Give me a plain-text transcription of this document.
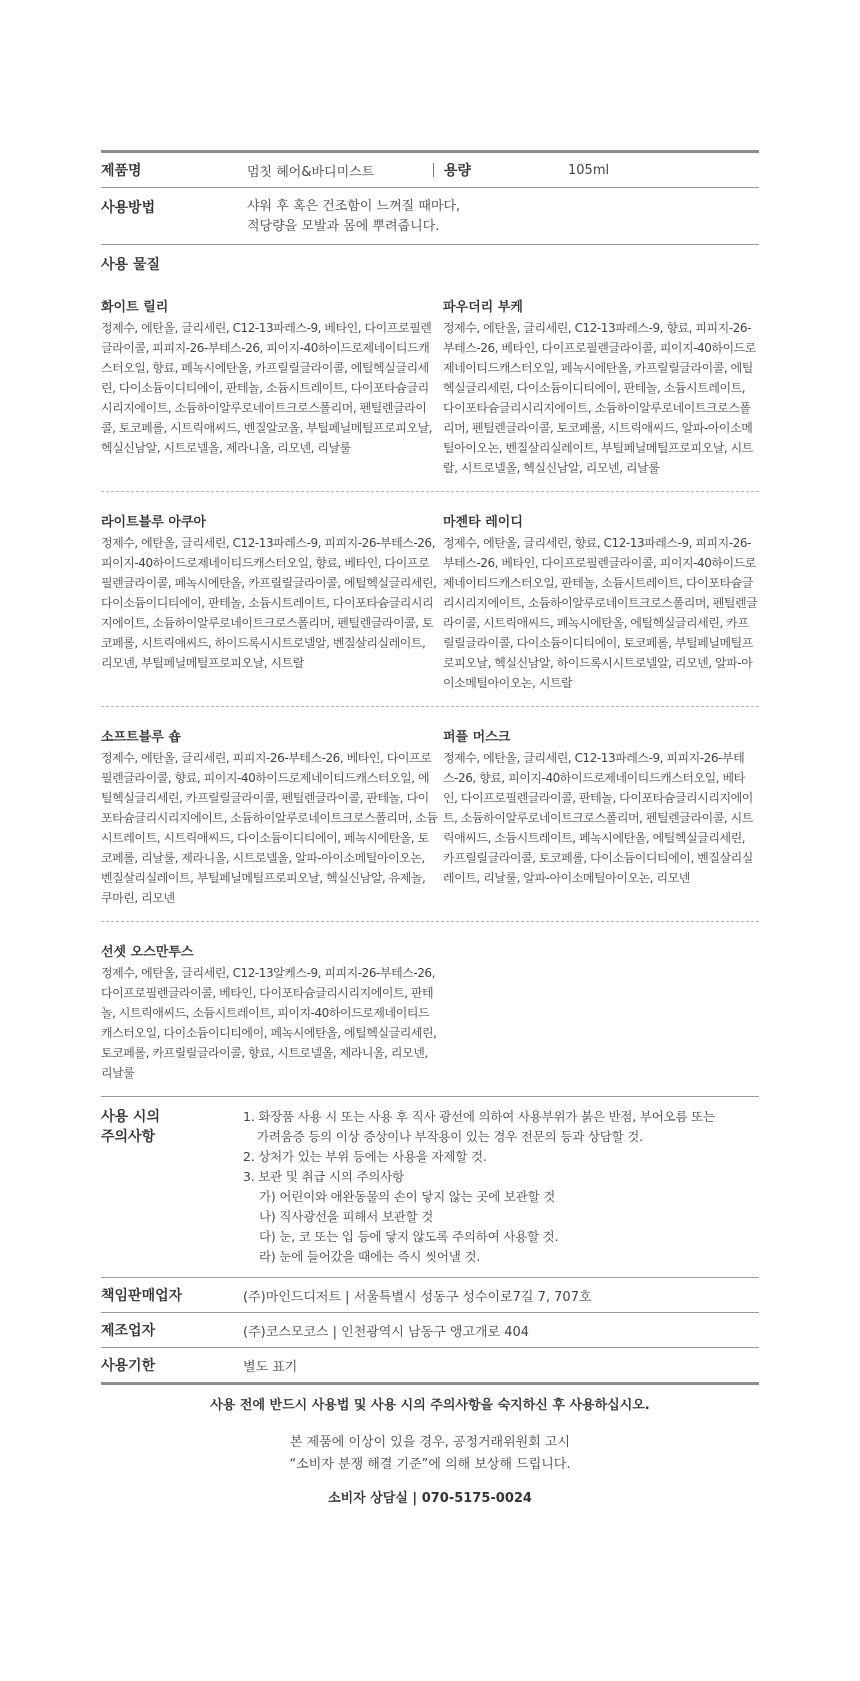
제품명	멈칫 헤어&바디미스트	용량	105ml
사용방법	샤워 후 혹은 건조함이 느껴질 때마다,
적당량을 모발과 몸에 뿌려줍니다.
사용 물질
화이트 릴리
정제수, 에탄올, 글리세린, C12-13파레스-9, 베타인, 다이프로필렌글라이콜, 피피지-26-부테스-26, 피이지-40하이드로제네이티드캐스터오일, 향료, 페녹시에탄올, 카프릴릴글라이콜, 에틸헥실글리세린, 다이소듐이디티에이, 판테놀, 소듐시트레이트, 다이포타슘글리시리지에이트, 소듐하이알루로네이트크로스폴리머, 펜틸렌글라이콜, 토코페롤, 시트릭애씨드, 벤질알코올, 부틸페닐메틸프로피오날, 헥실신남알, 시트로넬올, 제라니올, 리모넨, 리날룰
파우더리 부케
정제수, 에탄올, 글리세린, C12-13파레스-9, 향료, 피피지-26-부테스-26, 베타인, 다이프로필렌글라이콜, 피이지-40하이드로제네이티드캐스터오일, 페녹시에탄올, 카프릴릴글라이콜, 에틸헥실글리세린, 다이소듐이디티에이, 판테놀, 소듐시트레이트, 다이포타슘글리시리지에이트, 소듐하이알루로네이트크로스폴리머, 펜틸렌글라이콜, 토코페롤, 시트릭애씨드, 알파-아이소메틸아이오논, 벤질살리실레이트, 부틸페닐메틸프로피오날, 시트랄, 시트로넬올, 헥실신남알, 리모넨, 리날룰
라이트블루 아쿠아
정제수, 에탄올, 글리세린, C12-13파레스-9, 피피지-26-부테스-26, 피이지-40하이드로제네이티드캐스터오일, 향료, 베타인, 다이프로필렌글라이콜, 페녹시에탄올, 카프릴릴글라이콜, 에틸헥실글리세린, 다이소듐이디티에이, 판테놀, 소듐시트레이트, 다이포타슘글리시리지에이트, 소듐하이알루로네이트크로스폴리머, 펜틸렌글라이콜, 토코페롤, 시트릭애씨드, 하이드록시시트로넬알, 벤질살리실레이트, 리모넨, 부틸페닐메틸프로피오날, 시트랄
마젠타 레이디
정제수, 에탄올, 글리세린, 향료, C12-13파레스-9, 피피지-26-부테스-26, 베타인, 다이프로필렌글라이콜, 피이지-40하이드로제네이티드캐스터오일, 판테놀, 소듐시트레이트, 다이포타슘글리시리지에이트, 소듐하이알루로네이트크로스폴리머, 펜틸렌글라이콜, 시트릭애씨드, 페녹시에탄올, 에틸헥실글리세린, 카프릴릴글라이콜, 다이소듐이디티에이, 토코페롤, 부틸페닐메틸프로피오날, 헥실신남알, 하이드록시시트로넬알, 리모넨, 알파-아이소메틸아이오논, 시트랄
소프트블루 숍
정제수, 에탄올, 글리세린, 피피지-26-부테스-26, 베타인, 다이프로필렌글라이콜, 향료, 피이지-40하이드로제네이티드캐스터오일, 에틸헥실글리세린, 카프릴릴글라이콜, 펜틸렌글라이콜, 판테놀, 다이포타슘글리시리지에이트, 소듐하이알루로네이트크로스폴리머, 소듐시트레이트, 시트릭애씨드, 다이소듐이디티에이, 페녹시에탄올, 토코페롤, 리날룰, 제라니올, 시트로넬올, 알파-아이소메틸아이오논, 벤질살리실레이트, 부틸페닐메틸프로피오날, 헥실신남알, 유제놀, 쿠마린, 리모넨
퍼플 머스크
정제수, 에탄올, 글리세린, C12-13파레스-9, 피피지-26-부테스-26, 향료, 피이지-40하이드로제네이티드캐스터오일, 베타인, 다이프로필렌글라이콜, 판테놀, 다이포타슘글리시리지에이트, 소듐하이알루로네이트크로스폴리머, 펜틸렌글라이콜, 시트릭애씨드, 소듐시트레이트, 페녹시에탄올, 에틸헥실글리세린, 카프릴릴글라이콜, 토코페롤, 다이소듐이디티에이, 벤질살리실레이트, 리날룰, 알파-아이소메틸아이오논, 리모넨
선셋 오스만투스
정제수, 에탄올, 글리세린, C12-13알케스-9, 피피지-26-부테스-26, 다이프로필렌글라이콜, 베타인, 다이포타슘글리시리지에이트, 판테놀, 시트릭애씨드, 소듐시트레이트, 피이지-40하이드로제네이티드캐스터오일, 다이소듐이디티에이, 페녹시에탄올, 에틸헥실글리세린, 토코페롤, 카프릴릴글라이콜, 향료, 시트로넬올, 제라니올, 리모넨, 리날룰
사용 시의
주의사항
1. 화장품 사용 시 또는 사용 후 직사 광선에 의하여 사용부위가 붉은 반점, 부어오름 또는
가려움증 등의 이상 증상이나 부작용이 있는 경우 전문의 등과 상담할 것.
2. 상처가 있는 부위 등에는 사용을 자제할 것.
3. 보관 및 취급 시의 주의사항
가) 어린이와 애완동물의 손이 닿지 않는 곳에 보관할 것
나) 직사광선을 피해서 보관할 것
다) 눈, 코 또는 입 등에 닿지 않도록 주의하여 사용할 것.
라) 눈에 들어갔을 때에는 즉시 씻어낼 것.
책임판매업자	(주)마인드디저트 | 서울특별시 성동구 성수이로7길 7, 707호
제조업자	(주)코스모코스 | 인천광역시 남동구 앵고개로 404
사용기한	별도 표기
사용 전에 반드시 사용법 및 사용 시의 주의사항을 숙지하신 후 사용하십시오.
본 제품에 이상이 있을 경우, 공정거래위원회 고시
“소비자 분쟁 해결 기준”에 의해 보상해 드립니다.
소비자 상담실 | 070-5175-0024
